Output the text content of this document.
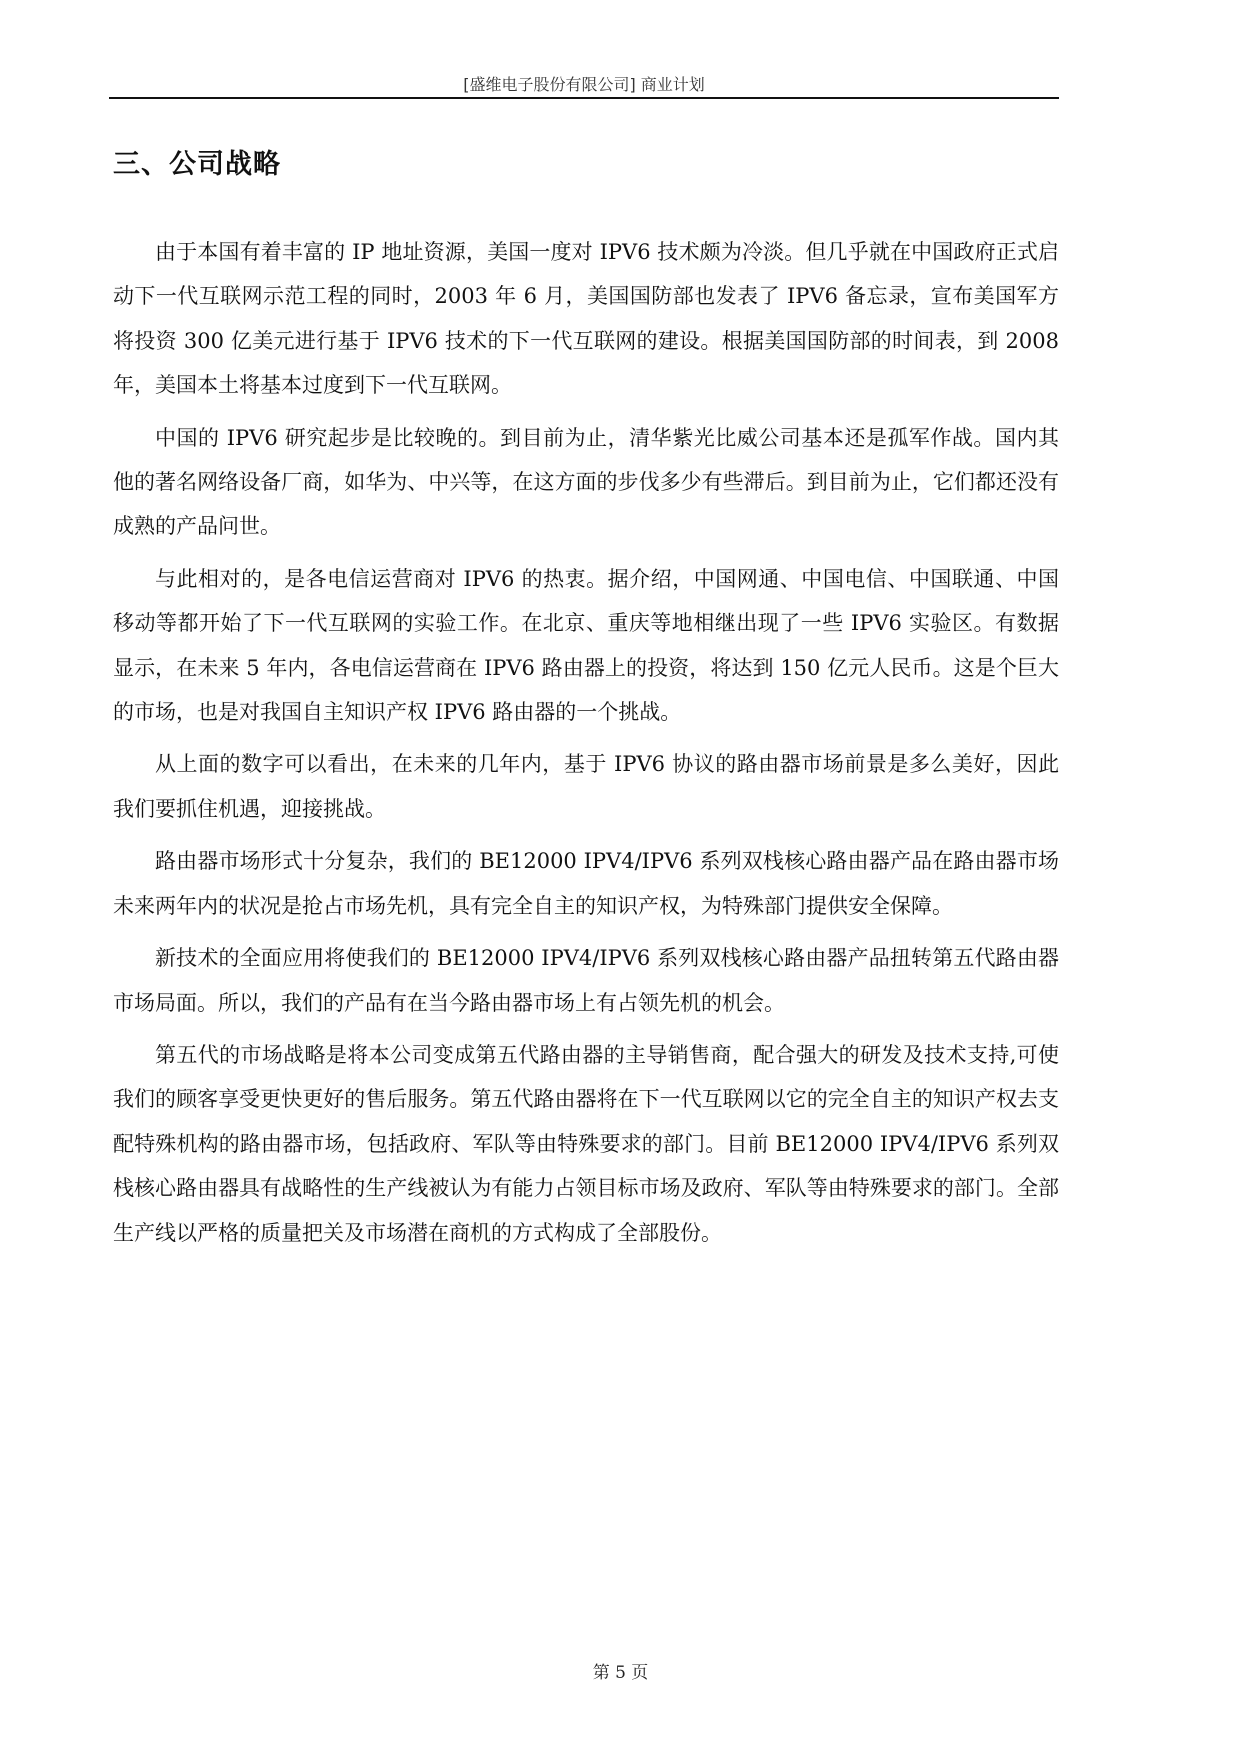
[盛维电子股份有限公司] 商业计划
三、公司战略

由于本国有着丰富的 IP 地址资源，美国一度对 IPV6 技术颇为冷淡。但几乎就在中国政府正式启动下一代互联网示范工程的同时，2003 年 6 月，美国国防部也发表了 IPV6 备忘录，宣布美国军方将投资 300 亿美元进行基于 IPV6 技术的下一代互联网的建设。根据美国国防部的时间表，到 2008 年，美国本土将基本过度到下一代互联网。

中国的 IPV6 研究起步是比较晚的。到目前为止，清华紫光比威公司基本还是孤军作战。国内其他的著名网络设备厂商，如华为、中兴等，在这方面的步伐多少有些滞后。到目前为止，它们都还没有成熟的产品问世。

与此相对的，是各电信运营商对 IPV6 的热衷。据介绍，中国网通、中国电信、中国联通、中国移动等都开始了下一代互联网的实验工作。在北京、重庆等地相继出现了一些 IPV6 实验区。有数据显示，在未来 5 年内，各电信运营商在 IPV6 路由器上的投资，将达到 150 亿元人民币。这是个巨大的市场，也是对我国自主知识产权 IPV6 路由器的一个挑战。

从上面的数字可以看出，在未来的几年内，基于 IPV6 协议的路由器市场前景是多么美好，因此我们要抓住机遇，迎接挑战。

路由器市场形式十分复杂，我们的 BE12000 IPV4/IPV6 系列双栈核心路由器产品在路由器市场未来两年内的状况是抢占市场先机，具有完全自主的知识产权，为特殊部门提供安全保障。

新技术的全面应用将使我们的 BE12000 IPV4/IPV6 系列双栈核心路由器产品扭转第五代路由器市场局面。所以，我们的产品有在当今路由器市场上有占领先机的机会。

第五代的市场战略是将本公司变成第五代路由器的主导销售商，配合强大的研发及技术支持,可使我们的顾客享受更快更好的售后服务。第五代路由器将在下一代互联网以它的完全自主的知识产权去支配特殊机构的路由器市场，包括政府、军队等由特殊要求的部门。目前 BE12000 IPV4/IPV6 系列双栈核心路由器具有战略性的生产线被认为有能力占领目标市场及政府、军队等由特殊要求的部门。全部生产线以严格的质量把关及市场潜在商机的方式构成了全部股份。

第 5 页
